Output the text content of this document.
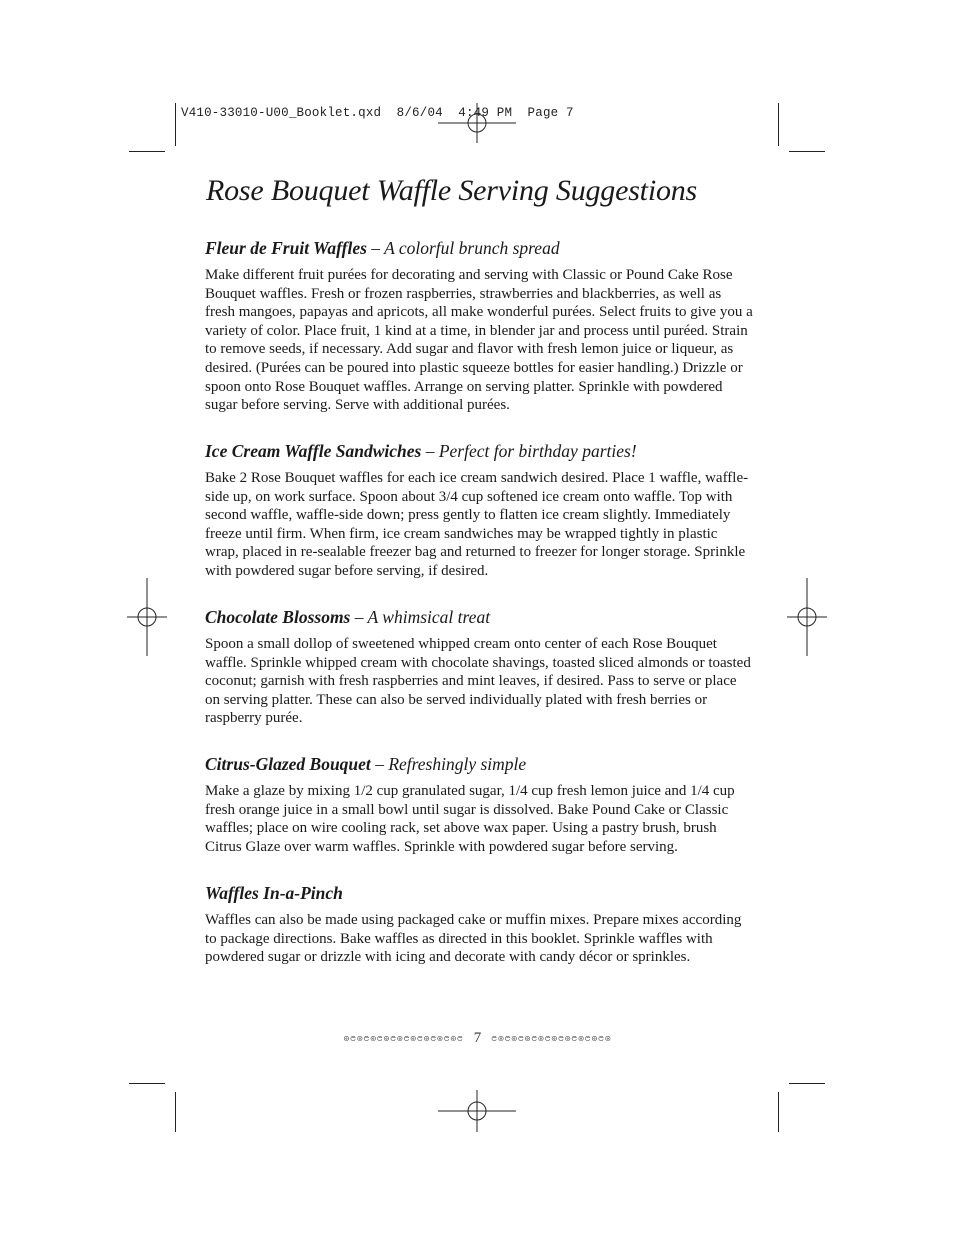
V410-33010-U00_Booklet.qxd  8/6/04  4:49 PM  Page 7
Rose Bouquet Waffle Serving Suggestions
Fleur de Fruit Waffles – A colorful brunch spread

Make different fruit purées for decorating and serving with Classic or Pound Cake Rose Bouquet waffles. Fresh or frozen raspberries, strawberries and blackberries, as well as fresh mangoes, papayas and apricots, all make wonderful purées. Select fruits to give you a variety of color. Place fruit, 1 kind at a time, in blender jar and process until puréed. Strain to remove seeds, if necessary. Add sugar and flavor with fresh lemon juice or liqueur, as desired. (Purées can be poured into plastic squeeze bottles for easier handling.) Drizzle or spoon onto Rose Bouquet waffles. Arrange on serving platter. Sprinkle with powdered sugar before serving. Serve with additional purées.

Ice Cream Waffle Sandwiches – Perfect for birthday parties!

Bake 2 Rose Bouquet waffles for each ice cream sandwich desired. Place 1 waffle, waffle-side up, on work surface. Spoon about 3/4 cup softened ice cream onto waffle. Top with second waffle, waffle-side down; press gently to flatten ice cream slightly. Immediately freeze until firm. When firm, ice cream sandwiches may be wrapped tightly in plastic wrap, placed in re-sealable freezer bag and returned to freezer for longer storage. Sprinkle with powdered sugar before serving, if desired.

Chocolate Blossoms – A whimsical treat

Spoon a small dollop of sweetened whipped cream onto center of each Rose Bouquet waffle. Sprinkle whipped cream with chocolate shavings, toasted sliced almonds or toasted coconut; garnish with fresh raspberries and mint leaves, if desired. Pass to serve or place on serving platter. These can also be served individually plated with fresh berries or raspberry purée.

Citrus-Glazed Bouquet – Refreshingly simple

Make a glaze by mixing 1/2 cup granulated sugar, 1/4 cup fresh lemon juice and 1/4 cup fresh orange juice in a small bowl until sugar is dissolved. Bake Pound Cake or Classic waffles; place on wire cooling rack, set above wax paper. Using a pastry brush, brush Citrus Glaze over warm waffles. Sprinkle with powdered sugar before serving.

Waffles In-a-Pinch

Waffles can also be made using packaged cake or muffin mixes. Prepare mixes according to package directions. Bake waffles as directed in this booklet. Sprinkle waffles with powdered sugar or drizzle with icing and decorate with candy décor or sprinkles.

ၜၔၜၔၜၔၜၔၜၔၜၔၜၔၜၔၜၔ 7 ၔၜၔၜၔၜၔၜၔၜၔၜၔၜၔၜၔၜ
